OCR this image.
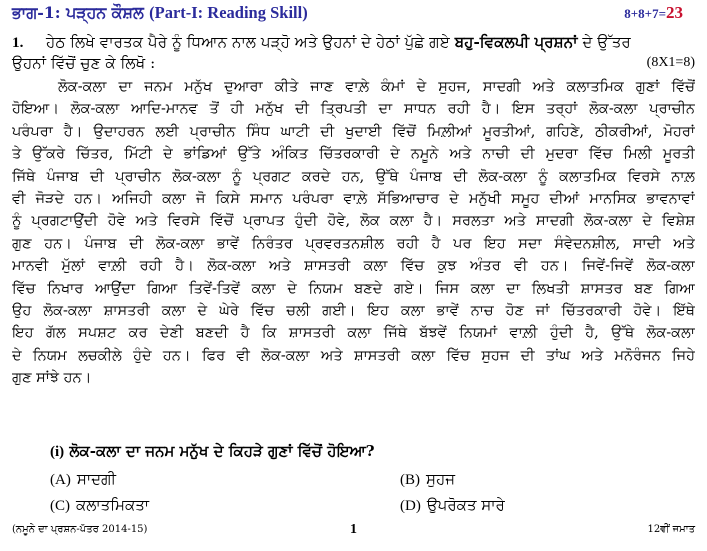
ਭਾਗ-1: ਪੜ੍ਹਨ ਕੌਸ਼ਲ (Part-I: Reading Skill)	8+8+7=23
1. ਹੇਠ ਲਿਖੇ ਵਾਰਤਕ ਪੈਰੇ ਨੂੰ ਧਿਆਨ ਨਾਲ ਪੜ੍ਹੋ ਅਤੇ ਉਹਨਾਂ ਦੇ ਹੇਠਾਂ ਪੁੱਛੇ ਗਏ ਬਹੁ-ਵਿਕਲਪੀ ਪ੍ਰਸ਼ਨਾਂ ਦੇ ਉੱਤਰ
ਉਹਨਾਂ ਵਿੱਚੋਂ ਚੁਣ ਕੇ ਲਿਖੋ :	(8X1=8)
ਲੋਕ-ਕਲਾ ਦਾ ਜਨਮ ਮਨੁੱਖ ਦੁਆਰਾ ਕੀਤੇ ਜਾਣ ਵਾਲ਼ੇ ਕੰਮਾਂ ਦੇ ਸੁਹਜ, ਸਾਦਗੀ ਅਤੇ ਕਲਾਤਮਿਕ ਗੁਣਾਂ ਵਿੱਚੋਂ
ਹੋਇਆ। ਲੋਕ-ਕਲਾ ਆਦਿ-ਮਾਨਵ ਤੋਂ ਹੀ ਮਨੁੱਖ ਦੀ ਤ੍ਰਿਪਤੀ ਦਾ ਸਾਧਨ ਰਹੀ ਹੈ। ਇਸ ਤਰ੍ਹਾਂ ਲੋਕ-ਕਲਾ ਪ੍ਰਾਚੀਨ
ਪਰੰਪਰਾ ਹੈ। ਉਦਾਹਰਨ ਲਈ ਪ੍ਰਾਚੀਨ ਸਿੰਧ ਘਾਟੀ ਦੀ ਖੁਦਾਈ ਵਿੱਚੋਂ ਮਿਲ਼ੀਆਂ ਮੂਰਤੀਆਂ, ਗਹਿਣੇ, ਠੀਕਰੀਆਂ, ਮੋਹਰਾਂ
ਤੇ ਉੱਕਰੇ ਚਿੱਤਰ, ਮਿੱਟੀ ਦੇ ਭਾਂਡਿਆਂ ਉੱਤੇ ਅੰਕਿਤ ਚਿੱਤਰਕਾਰੀ ਦੇ ਨਮੂਨੇ ਅਤੇ ਨਾਚੀ ਦੀ ਮੁਦਰਾ ਵਿੱਚ ਮਿਲੀ ਮੂਰਤੀ
ਜਿੱਥੇ ਪੰਜਾਬ ਦੀ ਪ੍ਰਾਚੀਨ ਲੋਕ-ਕਲਾ ਨੂੰ ਪ੍ਰਗਟ ਕਰਦੇ ਹਨ, ਉੱਥੇ ਪੰਜਾਬ ਦੀ ਲੋਕ-ਕਲਾ ਨੂੰ ਕਲਾਤਮਿਕ ਵਿਰਸੇ ਨਾਲ਼
ਵੀ ਜੋੜਦੇ ਹਨ। ਅਜਿਹੀ ਕਲਾ ਜੋ ਕਿਸੇ ਸਮਾਨ ਪਰੰਪਰਾ ਵਾਲ਼ੇ ਸੱਭਿਆਚਾਰ ਦੇ ਮਨੁੱਖੀ ਸਮੂਹ ਦੀਆਂ ਮਾਨਸਿਕ ਭਾਵਨਾਵਾਂ
ਨੂੰ ਪ੍ਰਗਟਾਉਂਦੀ ਹੋਵੇ ਅਤੇ ਵਿਰਸੇ ਵਿੱਚੋਂ ਪ੍ਰਾਪਤ ਹੁੰਦੀ ਹੋਵੇ, ਲੋਕ ਕਲਾ ਹੈ। ਸਰਲਤਾ ਅਤੇ ਸਾਦਗੀ ਲੋਕ-ਕਲਾ ਦੇ ਵਿਸ਼ੇਸ਼
ਗੁਣ ਹਨ। ਪੰਜਾਬ ਦੀ ਲੋਕ-ਕਲਾ ਭਾਵੇਂ ਨਿਰੰਤਰ ਪ੍ਰਵਰਤਨਸ਼ੀਲ ਰਹੀ ਹੈ ਪਰ ਇਹ ਸਦਾ ਸੰਵੇਦਨਸ਼ੀਲ, ਸਾਦੀ ਅਤੇ
ਮਾਨਵੀ ਮੁੱਲਾਂ ਵਾਲ਼ੀ ਰਹੀ ਹੈ। ਲੋਕ-ਕਲਾ ਅਤੇ ਸ਼ਾਸਤਰੀ ਕਲਾ ਵਿੱਚ ਕੁਝ ਅੰਤਰ ਵੀ ਹਨ। ਜਿਵੇਂ-ਜਿਵੇਂ ਲੋਕ-ਕਲਾ
ਵਿੱਚ ਨਿਖਾਰ ਆਉਂਦਾ ਗਿਆ ਤਿਵੇਂ-ਤਿਵੇਂ ਕਲਾ ਦੇ ਨਿਯਮ ਬਣਦੇ ਗਏ। ਜਿਸ ਕਲਾ ਦਾ ਲਿਖਤੀ ਸ਼ਾਸਤਰ ਬਣ ਗਿਆ
ਉਹ ਲੋਕ-ਕਲਾ ਸ਼ਾਸਤਰੀ ਕਲਾ ਦੇ ਘੇਰੇ ਵਿੱਚ ਚਲੀ ਗਈ। ਇਹ ਕਲਾ ਭਾਵੇਂ ਨਾਚ ਹੋਣ ਜਾਂ ਚਿੱਤਰਕਾਰੀ ਹੋਵੇ। ਇੱਥੇ
ਇਹ ਗੱਲ ਸਪਸ਼ਟ ਕਰ ਦੇਣੀ ਬਣਦੀ ਹੈ ਕਿ ਸ਼ਾਸਤਰੀ ਕਲਾ ਜਿੱਥੇ ਬੱਝਵੇਂ ਨਿਯਮਾਂ ਵਾਲ਼ੀ ਹੁੰਦੀ ਹੈ, ਉੱਥੇ ਲੋਕ-ਕਲਾ
ਦੇ ਨਿਯਮ ਲਚਕੀਲੇ ਹੁੰਦੇ ਹਨ। ਫਿਰ ਵੀ ਲੋਕ-ਕਲਾ ਅਤੇ ਸ਼ਾਸਤਰੀ ਕਲਾ ਵਿੱਚ ਸੁਹਜ ਦੀ ਤਾਂਘ ਅਤੇ ਮਨੋਰੰਜਨ ਜਿਹੇ
ਗੁਣ ਸਾਂਝੇ ਹਨ।
(i) ਲੋਕ-ਕਲਾ ਦਾ ਜਨਮ ਮਨੁੱਖ ਦੇ ਕਿਹੜੇ ਗੁਣਾਂ ਵਿੱਚੋਂ ਹੋਇਆ?
(A) ਸਾਦਗੀ	(B) ਸੁਹਜ
(C) ਕਲਾਤਮਿਕਤਾ	(D) ਉਪਰੋਕਤ ਸਾਰੇ
(ਨਮੂਨੇ ਦਾ ਪ੍ਰਸ਼ਨ-ਪੱਤਰ 2014-15)	1	12ਵੀਂ ਜਮਾਤ
